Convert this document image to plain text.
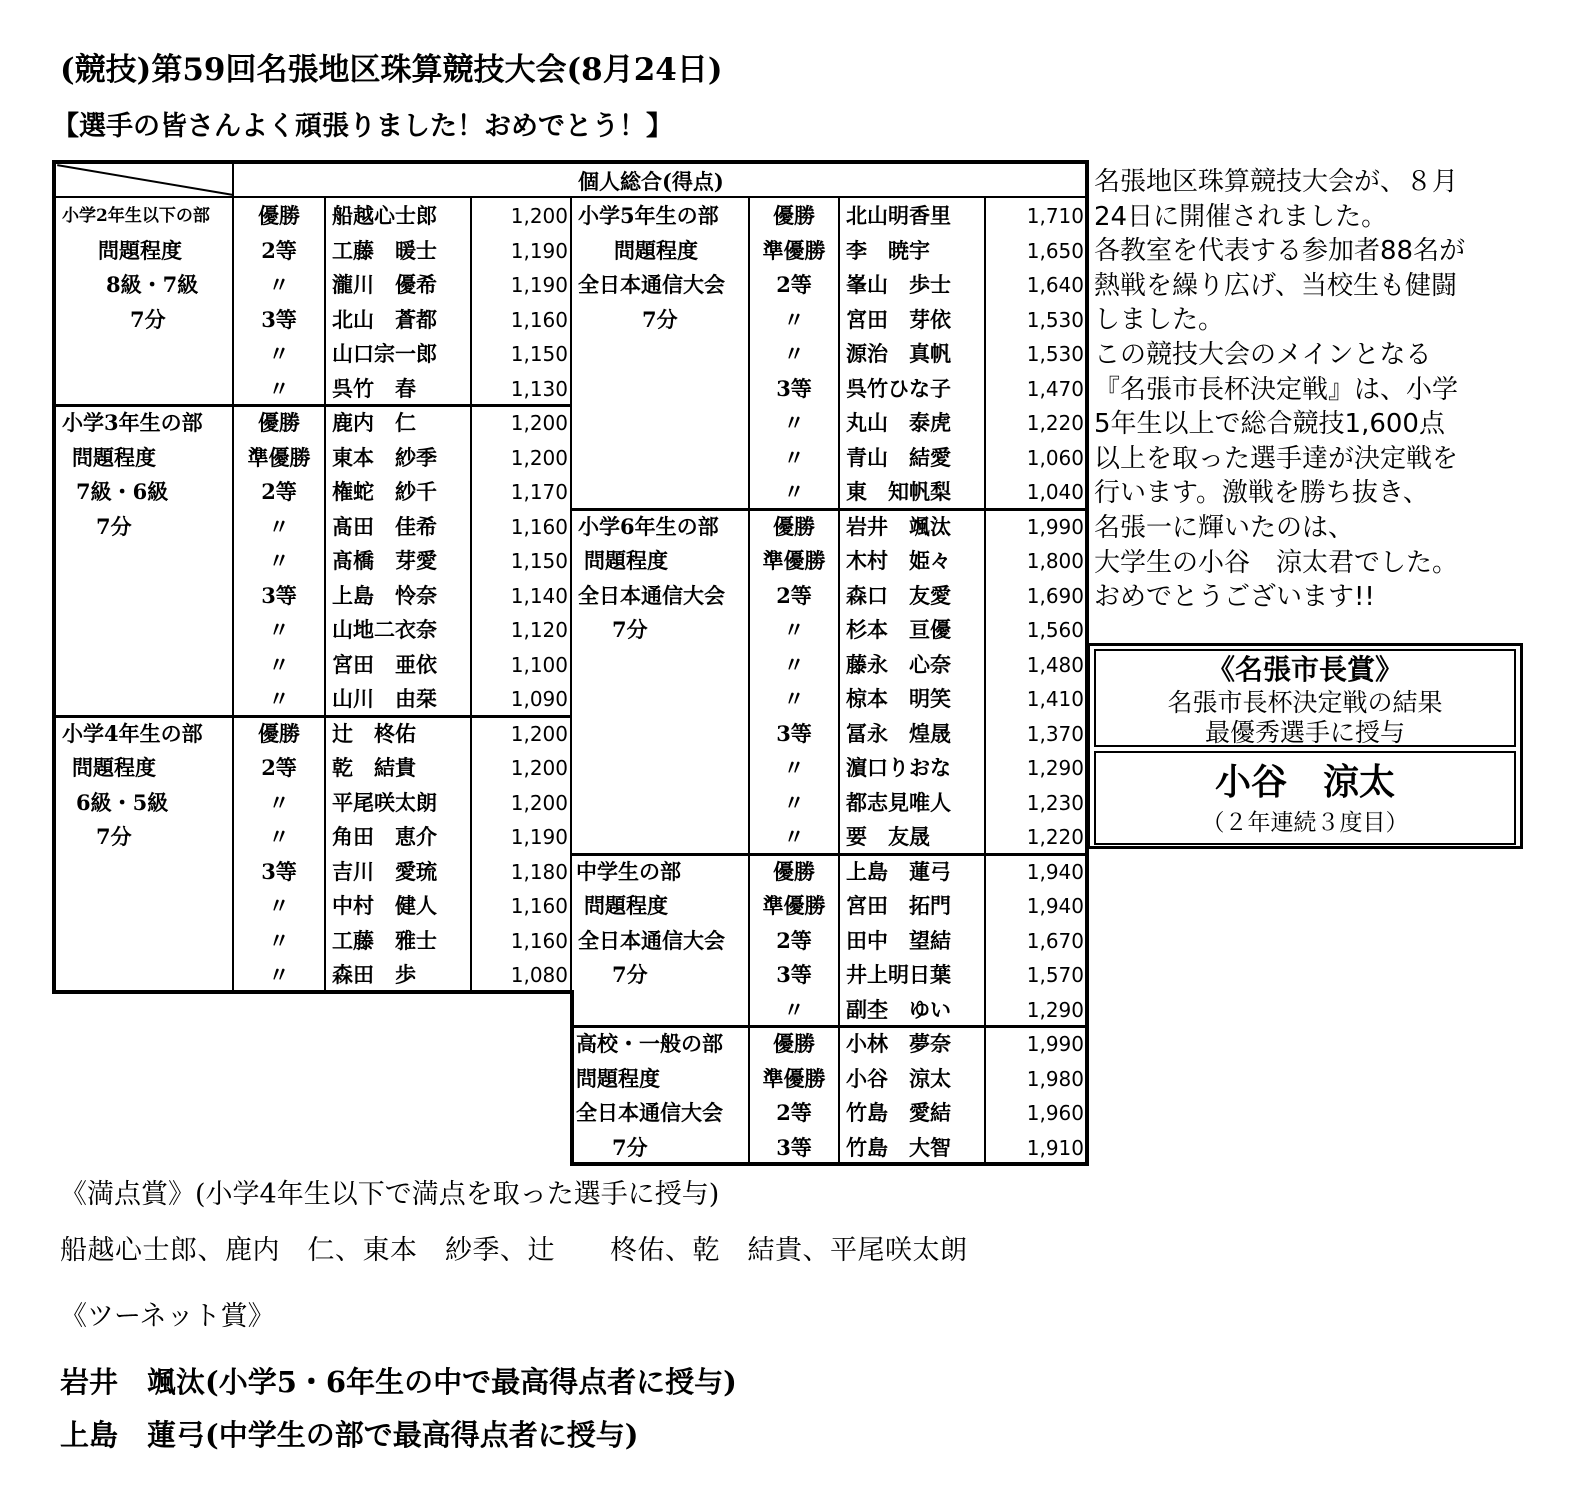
(競技)第59回名張地区珠算競技大会(8月24日)
【選手の皆さんよく頑張りました！おめでとう！】
個人総合(得点)
小学2年生以下の部
問題程度
8級・7級
7分
優勝	船越心士郎	1,200
2等	工藤　暖士	1,190
〃	瀧川　優希	1,190
3等	北山　蒼都	1,160
〃	山口宗一郎	1,150
〃	呉竹　春	1,130
小学3年生の部
問題程度
7級・6級
7分
優勝	鹿内　仁	1,200
準優勝	東本　紗季	1,200
2等	権蛇　紗千	1,170
〃	髙田　佳希	1,160
〃	髙橋　芽愛	1,150
3等	上島　怜奈	1,140
〃	山地二衣奈	1,120
〃	宮田　亜依	1,100
〃	山川　由栞	1,090
小学4年生の部
問題程度
6級・5級
7分
優勝	辻　柊佑	1,200
2等	乾　結貴	1,200
〃	平尾咲太朗	1,200
〃	角田　恵介	1,190
3等	吉川　愛琉	1,180
〃	中村　健人	1,160
〃	工藤　雅士	1,160
〃	森田　歩	1,080
小学5年生の部
問題程度
全日本通信大会
7分
優勝	北山明香里	1,710
準優勝 李　暁宇	1,650
2等	峯山　歩士	1,640
〃	宮田　芽依	1,530
〃	源治　真帆	1,530
3等	呉竹ひな子	1,470
〃	丸山　泰虎	1,220
〃	青山　結愛	1,060
〃	東　知帆梨	1,040
小学6年生の部
問題程度
全日本通信大会
7分
優勝	岩井　颯汰	1,990
準優勝 木村　姫々	1,800
2等	森口　友愛	1,690
〃	杉本　亘優	1,560
〃	藤永　心奈	1,480
〃	椋本　明笑	1,410
3等	冨永　煌晟	1,370
〃	濵口りおな	1,290
〃	都志見唯人	1,230
〃	要　友晟	1,220
中学生の部
問題程度
全日本通信大会
7分
優勝	上島　蓮弓	1,940
準優勝 宮田　拓門	1,940
2等	田中　望結	1,670
3等	井上明日葉	1,570
〃	副杢　ゆい	1,290
高校・一般の部
問題程度
全日本通信大会
7分
優勝	小林　夢奈	1,990
準優勝 小谷　涼太	1,980
2等	竹島　愛結	1,960
3等	竹島　大智	1,910
名張地区珠算競技大会が、８月
24日に開催されました。
各教室を代表する参加者88名が
熱戦を繰り広げ、当校生も健闘
しました。
この競技大会のメインとなる
『名張市長杯決定戦』は、小学
5年生以上で総合競技1,600点
以上を取った選手達が決定戦を
行います。激戦を勝ち抜き、
名張一に輝いたのは、
大学生の小谷　涼太君でした。
おめでとうございます!!
《名張市長賞》
名張市長杯決定戦の結果
最優秀選手に授与
小谷　涼太
（２年連続３度目）
《満点賞》(小学4年生以下で満点を取った選手に授与)
船越心士郎、鹿内　仁、東本　紗季、辻　　柊佑、乾　結貴、平尾咲太朗
《ツーネット賞》
岩井　颯汰(小学5・6年生の中で最高得点者に授与)
上島　蓮弓(中学生の部で最高得点者に授与)
